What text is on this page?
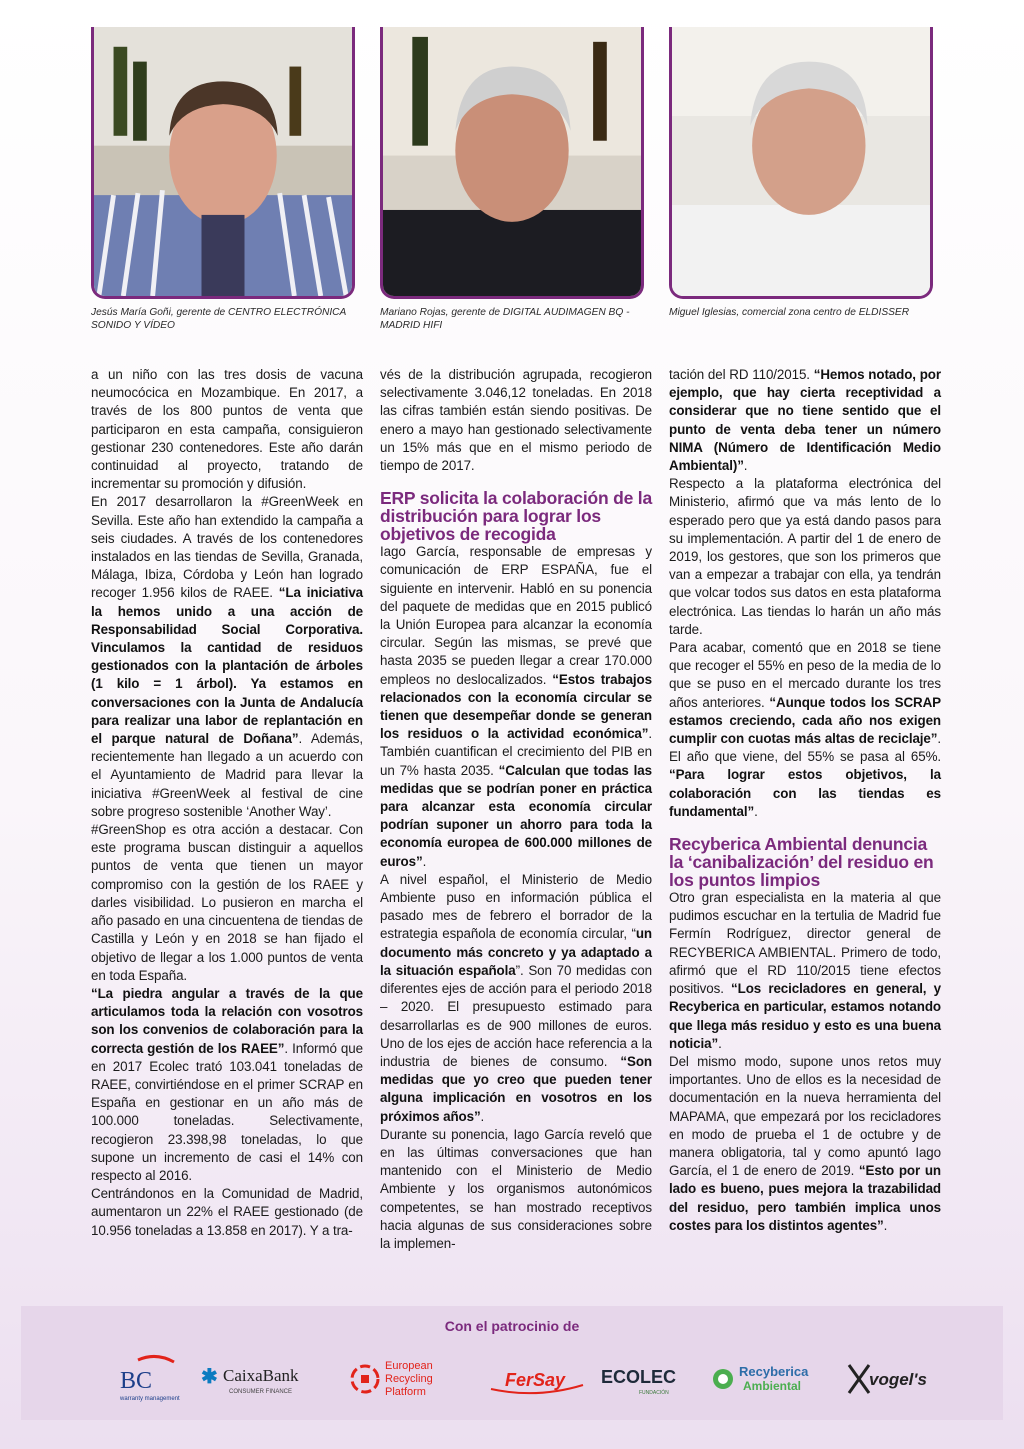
Jesús María Goñi, gerente de CENTRO ELECTRÓNICA SONIDO Y VÍDEO
Mariano Rojas, gerente de DIGITAL AUDIMAGEN BQ - MADRID HIFI
Miguel Iglesias, comercial zona centro de ELDISSER

a un niño con las tres dosis de vacuna neumocócica en Mozambique. En 2017, a través de los 800 puntos de venta que participaron en esta campaña, consiguieron gestionar 230 contenedores. Este año darán continuidad al proyecto, tratando de incrementar su promoción y difusión.

En 2017 desarrollaron la #GreenWeek en Sevilla. Este año han extendido la campaña a seis ciudades. A través de los contenedores instalados en las tiendas de Sevilla, Granada, Málaga, Ibiza, Córdoba y León han logrado recoger 1.956 kilos de RAEE. “La iniciativa la hemos unido a una acción de Responsabilidad Social Corporativa. Vinculamos la cantidad de residuos gestionados con la plantación de árboles (1 kilo = 1 árbol). Ya estamos en conversaciones con la Junta de Andalucía para realizar una labor de replantación en el parque natural de Doñana”. Además, recientemente han llegado a un acuerdo con el Ayuntamiento de Madrid para llevar la iniciativa #GreenWeek al festival de cine sobre progreso sostenible ‘Another Way’.

#GreenShop es otra acción a destacar. Con este programa buscan distinguir a aquellos puntos de venta que tienen un mayor compromiso con la gestión de los RAEE y darles visibilidad. Lo pusieron en marcha el año pasado en una cincuentena de tiendas de Castilla y León y en 2018 se han fijado el objetivo de llegar a los 1.000 puntos de venta en toda España.

“La piedra angular a través de la que articulamos toda la relación con vosotros son los convenios de colaboración para la correcta gestión de los RAEE”. Informó que en 2017 Ecolec trató 103.041 toneladas de RAEE, convirtiéndose en el primer SCRAP en España en gestionar en un año más de 100.000 toneladas. Selectivamente, recogieron 23.398,98 toneladas, lo que supone un incremento de casi el 14% con respecto al 2016.

Centrándonos en la Comunidad de Madrid, aumentaron un 22% el RAEE gestionado (de 10.956 toneladas a 13.858 en 2017). Y a tra-

vés de la distribución agrupada, recogieron selectivamente 3.046,12 toneladas. En 2018 las cifras también están siendo positivas. De enero a mayo han gestionado selectivamente un 15% más que en el mismo periodo de tiempo de 2017.

ERP solicita la colaboración de la distribución para lograr los objetivos de recogida

Iago García, responsable de empresas y comunicación de ERP ESPAÑA, fue el siguiente en intervenir. Habló en su ponencia del paquete de medidas que en 2015 publicó la Unión Europea para alcanzar la economía circular. Según las mismas, se prevé que hasta 2035 se pueden llegar a crear 170.000 empleos no deslocalizados. “Estos trabajos relacionados con la economía circular se tienen que desempeñar donde se generan los residuos o la actividad económica”. También cuantifican el crecimiento del PIB en un 7% hasta 2035. “Calculan que todas las medidas que se podrían poner en práctica para alcanzar esta economía circular podrían suponer un ahorro para toda la economía europea de 600.000 millones de euros”.

A nivel español, el Ministerio de Medio Ambiente puso en información pública el pasado mes de febrero el borrador de la estrategia española de economía circular, “un documento más concreto y ya adaptado a la situación española”. Son 70 medidas con diferentes ejes de acción para el periodo 2018 – 2020. El presupuesto estimado para desarrollarlas es de 900 millones de euros. Uno de los ejes de acción hace referencia a la industria de bienes de consumo. “Son medidas que yo creo que pueden tener alguna implicación en vosotros en los próximos años”.

Durante su ponencia, Iago García reveló que en las últimas conversaciones que han mantenido con el Ministerio de Medio Ambiente y los organismos autonómicos competentes, se han mostrado receptivos hacia algunas de sus consideraciones sobre la implemen-

tación del RD 110/2015. “Hemos notado, por ejemplo, que hay cierta receptividad a considerar que no tiene sentido que el punto de venta deba tener un número NIMA (Número de Identificación Medio Ambiental)”.

Respecto a la plataforma electrónica del Ministerio, afirmó que va más lento de lo esperado pero que ya está dando pasos para su implementación. A partir del 1 de enero de 2019, los gestores, que son los primeros que van a empezar a trabajar con ella, ya tendrán que volcar todos sus datos en esta plataforma electrónica. Las tiendas lo harán un año más tarde.

Para acabar, comentó que en 2018 se tiene que recoger el 55% en peso de la media de lo que se puso en el mercado durante los tres años anteriores. “Aunque todos los SCRAP estamos creciendo, cada año nos exigen cumplir con cuotas más altas de reciclaje”. El año que viene, del 55% se pasa al 65%. “Para lograr estos objetivos, la colaboración con las tiendas es fundamental”.

Recyberica Ambiental denuncia la ‘canibalización’ del residuo en los puntos limpios

Otro gran especialista en la materia al que pudimos escuchar en la tertulia de Madrid fue Fermín Rodríguez, director general de RECYBERICA AMBIENTAL. Primero de todo, afirmó que el RD 110/2015 tiene efectos positivos. “Los recicladores en general, y Recyberica en particular, estamos notando que llega más residuo y esto es una buena noticia”.

Del mismo modo, supone unos retos muy importantes. Uno de ellos es la necesidad de documentación en la nueva herramienta del MAPAMA, que empezará por los recicladores en modo de prueba el 1 de octubre y de manera obligatoria, tal y como apuntó Iago García, el 1 de enero de 2019. “Esto por un lado es bueno, pues mejora la trazabilidad del residuo, pero también implica unos costes para los distintos agentes”.

Con el patrocinio de
BC
warranty management
✱ CaixaBank
CONSUMER FINANCE
European
Recycling
Platform
FerSay ECOLEC
FUNDACIÓN
Recyberica
Ambiental	vogel's
